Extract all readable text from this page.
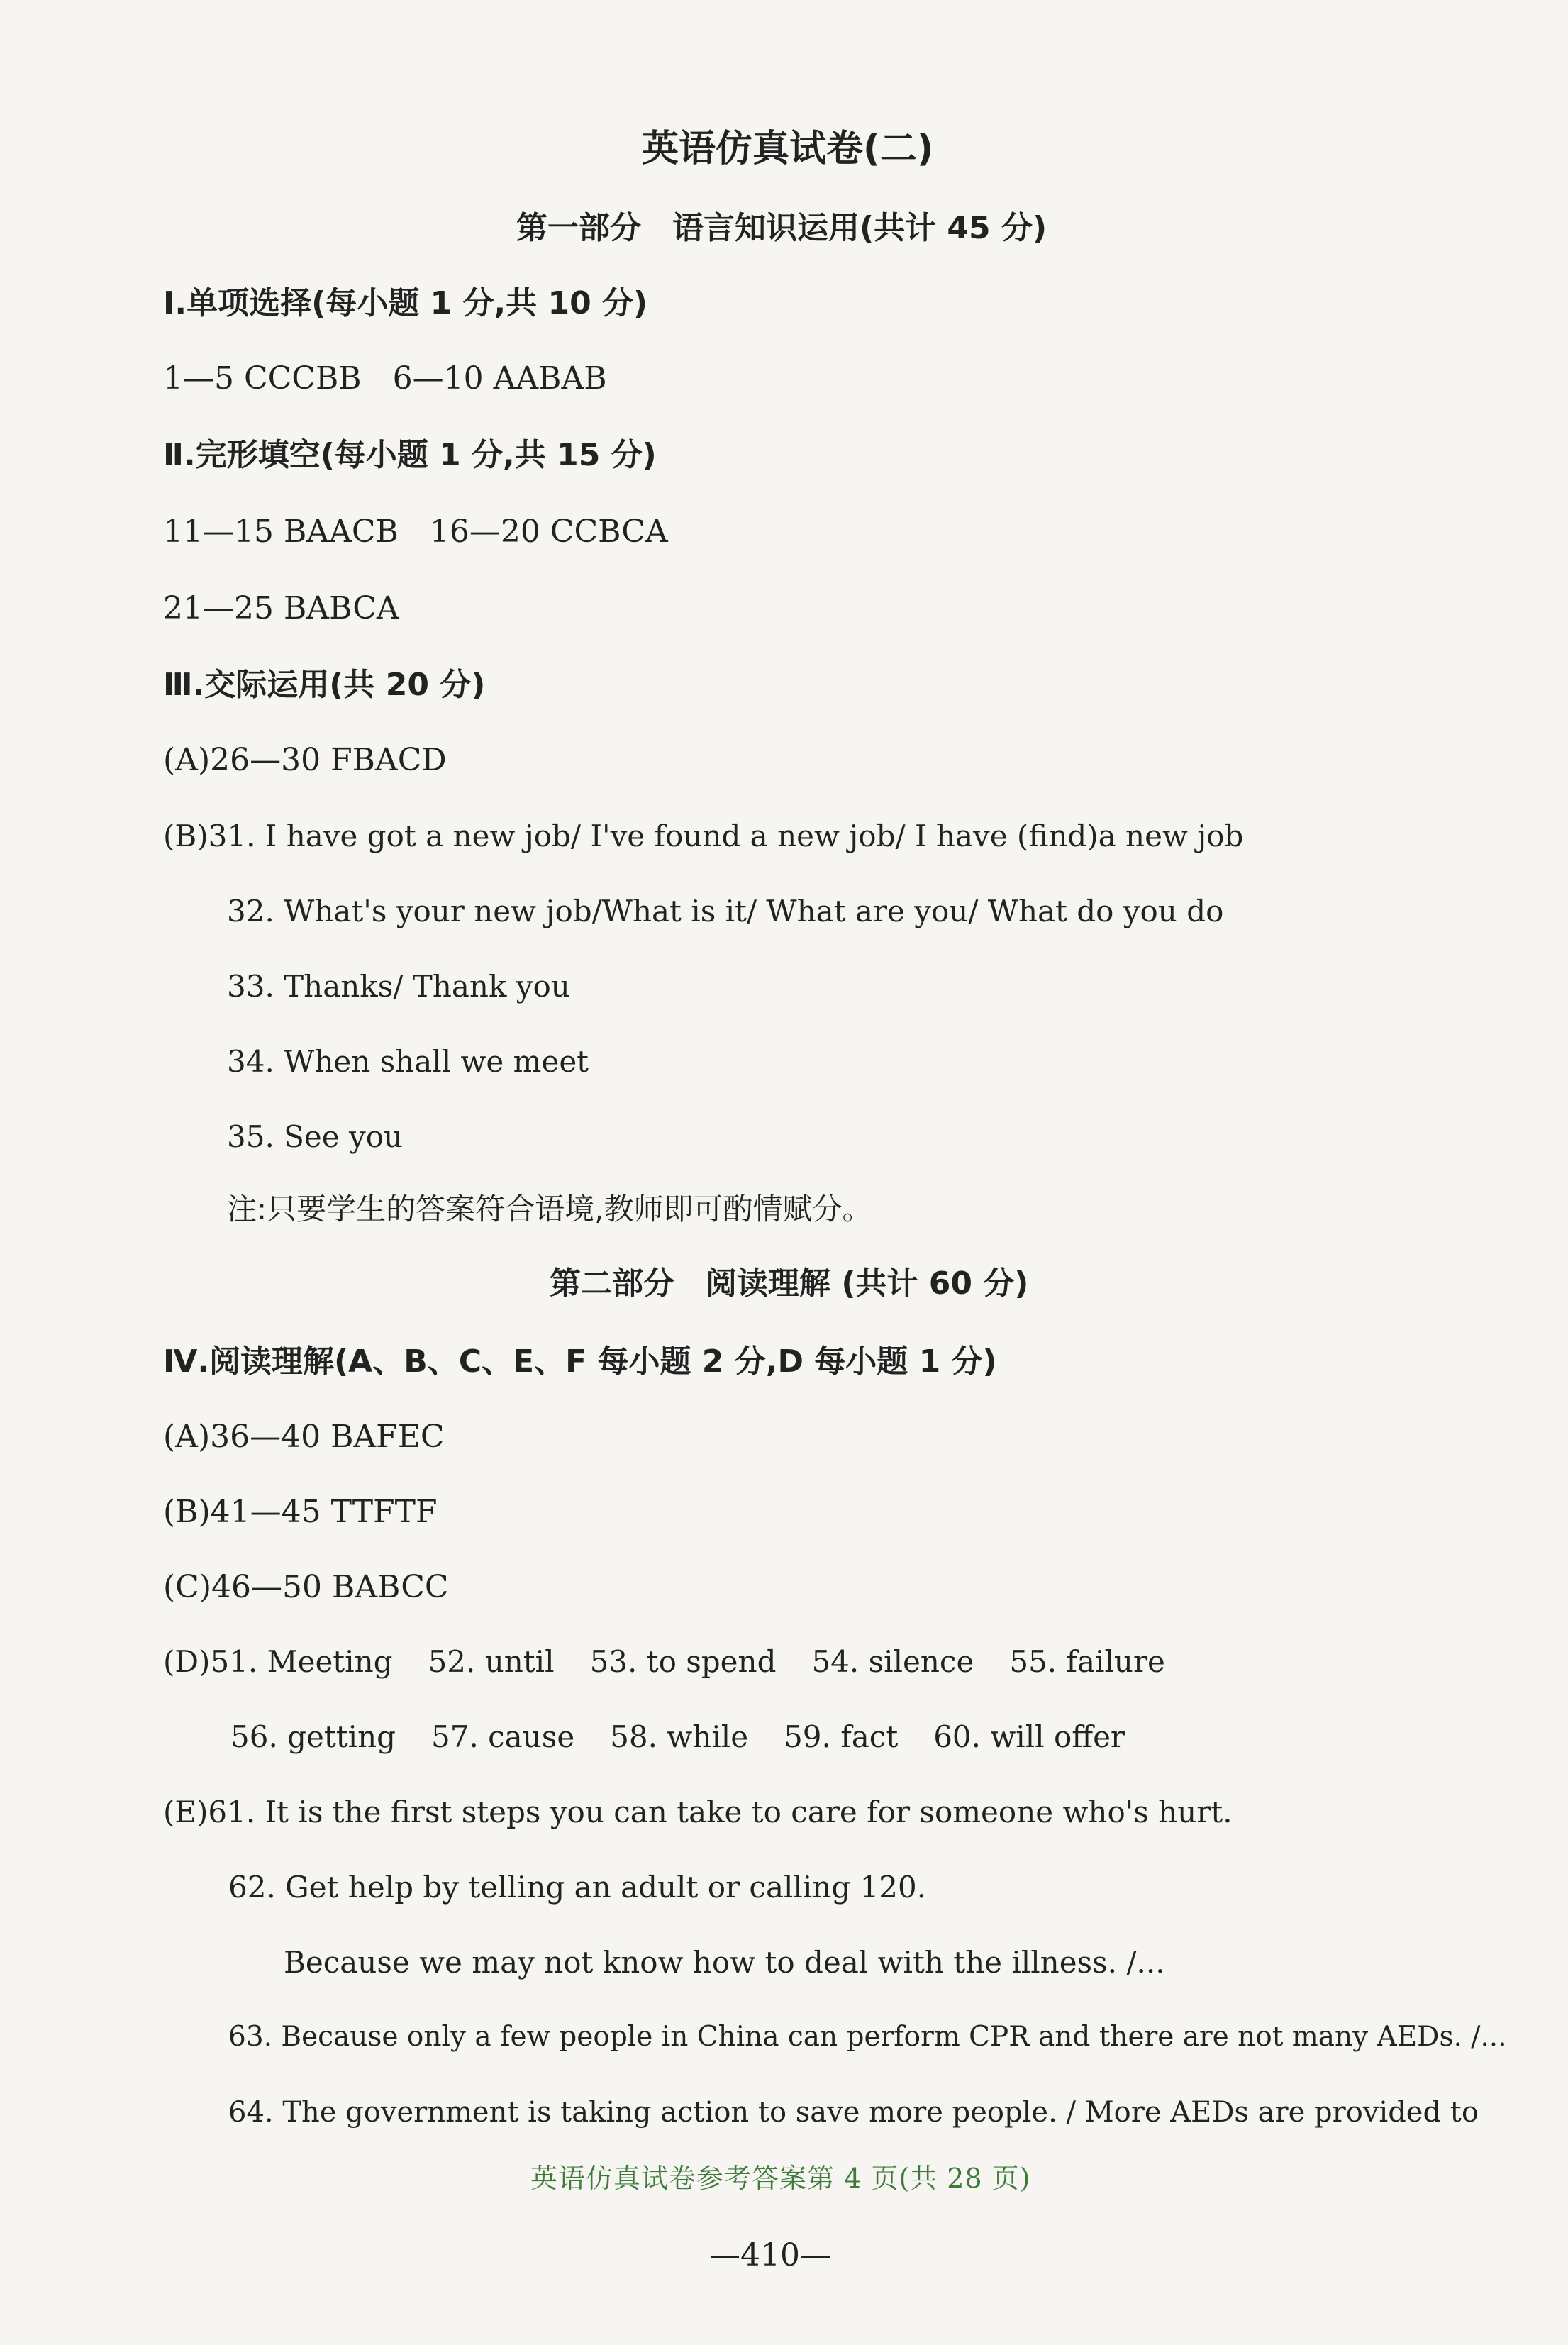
英语仿真试卷(二)
第一部分　语言知识运用(共计 45 分)
Ⅰ.单项选择(每小题 1 分,共 10 分)
1—5 CCCBB　6—10 AABAB
Ⅱ.完形填空(每小题 1 分,共 15 分)
11—15 BAACB　16—20 CCBCA
21—25 BABCA
Ⅲ.交际运用(共 20 分)
(A)26—30 FBACD
(B)31. I have got a new job/ I've found a new job/ I have (find)a new job
32. What's your new job/What is it/ What are you/ What do you do
33. Thanks/ Thank you
34. When shall we meet
35. See you
注:只要学生的答案符合语境,教师即可酌情赋分。
第二部分　阅读理解 (共计 60 分)
Ⅳ.阅读理解(A、B、C、E、F 每小题 2 分,D 每小题 1 分)
(A)36—40 BAFEC
(B)41—45 TTFTF
(C)46—50 BABCC
(D)51. Meeting 52. until 53. to spend 54. silence 55. failure
56. getting 57. cause 58. while 59. fact 60. will offer
(E)61. It is the first steps you can take to care for someone who's hurt.
62. Get help by telling an adult or calling 120.
Because we may not know how to deal with the illness. /...
63. Because only a few people in China can perform CPR and there are not many AEDs. /...
64. The government is taking action to save more people. / More AEDs are provided to
英语仿真试卷参考答案第 4 页(共 28 页)
—410—
